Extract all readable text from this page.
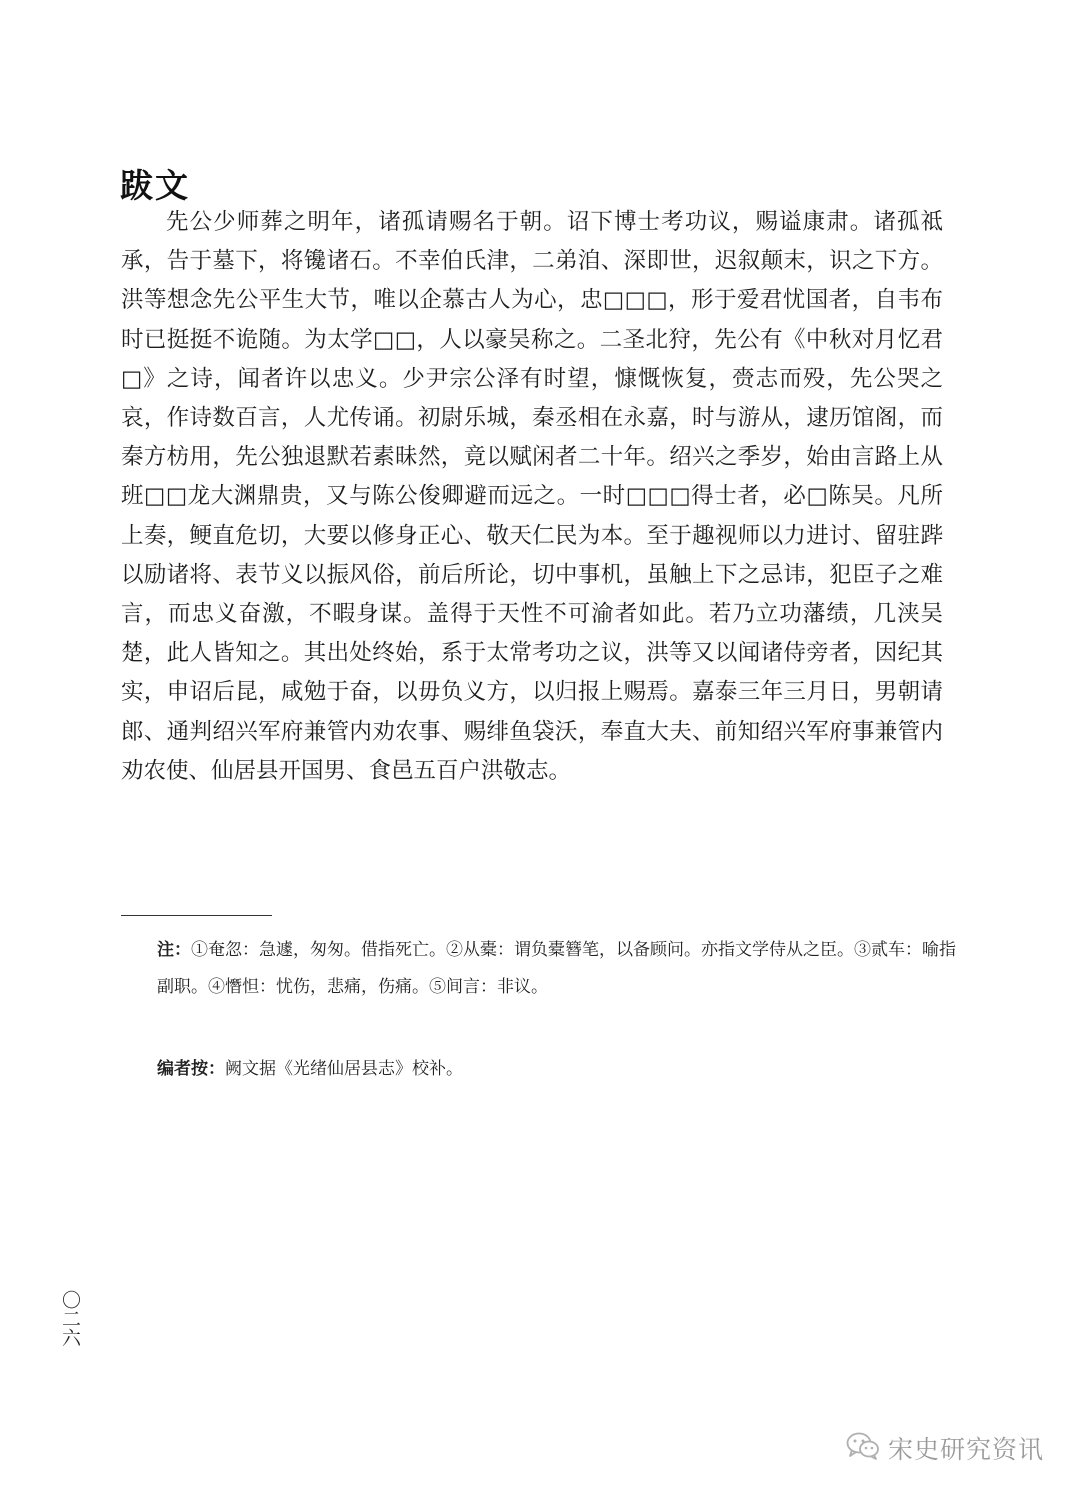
跋文

先公少师葬之明年，诸孤请赐名于朝。诏下博士考功议，赐谥康肃。诸孤祗承，告于墓下，将镵诸石。不幸伯氏津，二弟洎、深即世，迟叙颠末，识之下方。洪等想念先公平生大节，唯以企慕古人为心，忠□□□，形于爱君忧国者，自韦布时已挺挺不诡随。为太学□□，人以豪吴称之。二圣北狩，先公有《中秋对月忆君□》之诗，闻者许以忠义。少尹宗公泽有时望，慷慨恢复，赍志而殁，先公哭之哀，作诗数百言，人尤传诵。初尉乐城，秦丞相在永嘉，时与游从，逮历馆阁，而秦方枋用，先公独退默若素昧然，竟以赋闲者二十年。绍兴之季岁，始由言路上从班□□龙大渊鼎贵，又与陈公俊卿避而远之。一时□□□得士者，必□陈吴。凡所上奏，鲠直危切，大要以修身正心、敬天仁民为本。至于趣视师以力进讨、留驻跸以励诸将、表节义以振风俗，前后所论，切中事机，虽触上下之忌讳，犯臣子之难言，而忠义奋激，不暇身谋。盖得于天性不可渝者如此。若乃立功藩绩，几浃吴楚，此人皆知之。其出处终始，系于太常考功之议，洪等又以闻诸侍旁者，因纪其实，申诏后昆，咸勉于奋，以毋负义方，以归报上赐焉。嘉泰三年三月日，男朝请郎、通判绍兴军府兼管内劝农事、赐绯鱼袋沃，奉直大夫、前知绍兴军府事兼管内劝农使、仙居县开国男、食邑五百户洪敬志。

注：①奄忽：急遽，匆匆。借指死亡。②从橐：谓负橐簪笔，以备顾问。亦指文学侍从之臣。③贰车：喻指副职。④憯怛：忧伤，悲痛，伤痛。⑤间言：非议。

编者按：阙文据《光绪仙居县志》校补。

〇二六
宋史研究资讯
